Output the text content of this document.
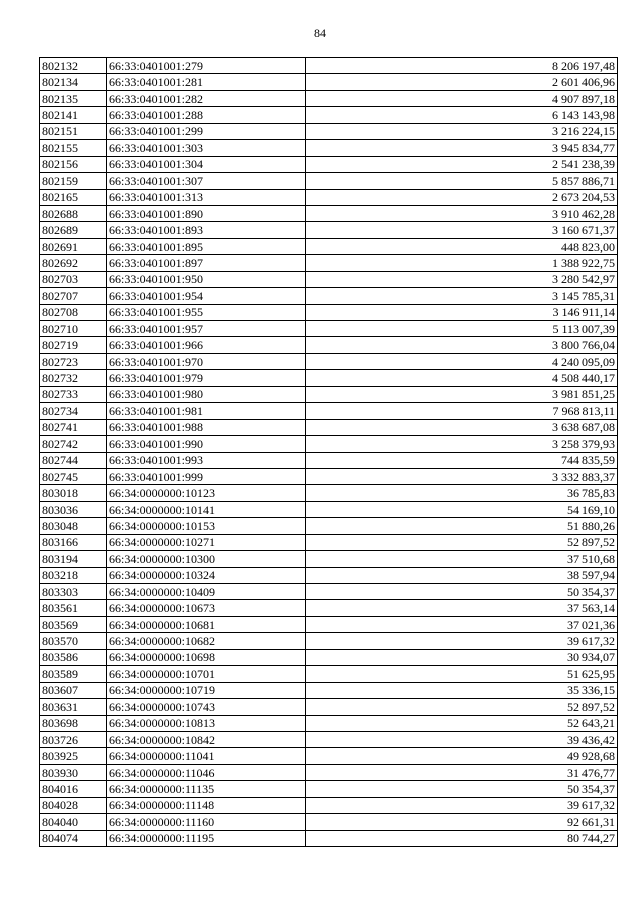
84
802132	66:33:0401001:279	8 206 197,48
802134	66:33:0401001:281	2 601 406,96
802135	66:33:0401001:282	4 907 897,18
802141	66:33:0401001:288	6 143 143,98
802151	66:33:0401001:299	3 216 224,15
802155	66:33:0401001:303	3 945 834,77
802156	66:33:0401001:304	2 541 238,39
802159	66:33:0401001:307	5 857 886,71
802165	66:33:0401001:313	2 673 204,53
802688	66:33:0401001:890	3 910 462,28
802689	66:33:0401001:893	3 160 671,37
802691	66:33:0401001:895	448 823,00
802692	66:33:0401001:897	1 388 922,75
802703	66:33:0401001:950	3 280 542,97
802707	66:33:0401001:954	3 145 785,31
802708	66:33:0401001:955	3 146 911,14
802710	66:33:0401001:957	5 113 007,39
802719	66:33:0401001:966	3 800 766,04
802723	66:33:0401001:970	4 240 095,09
802732	66:33:0401001:979	4 508 440,17
802733	66:33:0401001:980	3 981 851,25
802734	66:33:0401001:981	7 968 813,11
802741	66:33:0401001:988	3 638 687,08
802742	66:33:0401001:990	3 258 379,93
802744	66:33:0401001:993	744 835,59
802745	66:33:0401001:999	3 332 883,37
803018	66:34:0000000:10123	36 785,83
803036	66:34:0000000:10141	54 169,10
803048	66:34:0000000:10153	51 880,26
803166	66:34:0000000:10271	52 897,52
803194	66:34:0000000:10300	37 510,68
803218	66:34:0000000:10324	38 597,94
803303	66:34:0000000:10409	50 354,37
803561	66:34:0000000:10673	37 563,14
803569	66:34:0000000:10681	37 021,36
803570	66:34:0000000:10682	39 617,32
803586	66:34:0000000:10698	30 934,07
803589	66:34:0000000:10701	51 625,95
803607	66:34:0000000:10719	35 336,15
803631	66:34:0000000:10743	52 897,52
803698	66:34:0000000:10813	52 643,21
803726	66:34:0000000:10842	39 436,42
803925	66:34:0000000:11041	49 928,68
803930	66:34:0000000:11046	31 476,77
804016	66:34:0000000:11135	50 354,37
804028	66:34:0000000:11148	39 617,32
804040	66:34:0000000:11160	92 661,31
804074	66:34:0000000:11195	80 744,27
